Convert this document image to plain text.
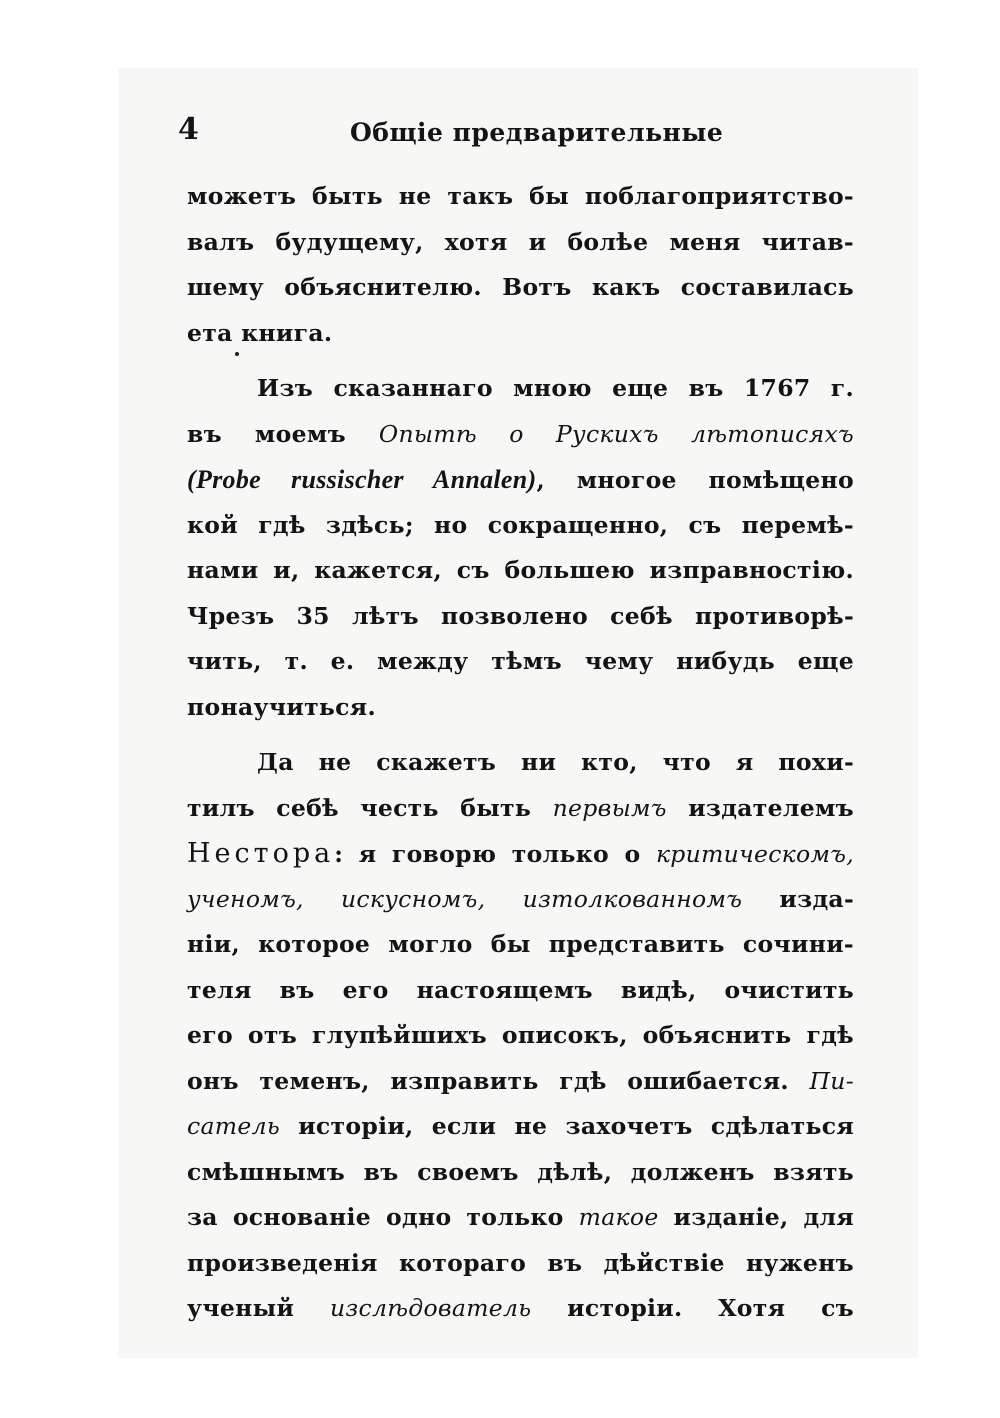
4	Общіе предварительные
можетъ быть не такъ бы поблагоприятство-
валъ будущему, хотя и болѣе меня читав-
шему объяснителю. Вотъ какъ составилась
ета книга.
Изъ сказаннаго мною еще въ 1767 г.
въ моемъ Опытѣ о Рускихъ лѣтописяхъ
(Probe russischer Annalen), многое помѣщено
кой гдѣ здѣсь; но сокращенно, съ перемѣ-
нами и, кажется, съ большею изправностію.
Чрезъ 35 лѣтъ позволено себѣ противорѣ-
чить, т. е. между тѣмъ чему нибудь еще
понаучиться.
Да не скажетъ ни кто, что я похи-
тилъ себѣ честь быть первымъ издателемъ
Нестора: я говорю только о критическомъ,
ученомъ, искусномъ, изтолкованномъ изда-
ніи, которое могло бы представить сочини-
теля въ его настоящемъ видѣ, очистить
его отъ глупѣйшихъ описокъ, объяснить гдѣ
онъ теменъ, изправить гдѣ ошибается. Пи-
сатель исторіи, если не захочетъ сдѣлаться
смѣшнымъ въ своемъ дѣлѣ, долженъ взять
за основаніе одно только такое изданіе, для
произведенія котораго въ дѣйствіе нуженъ
ученый изслѣдователь исторіи. Хотя съ
